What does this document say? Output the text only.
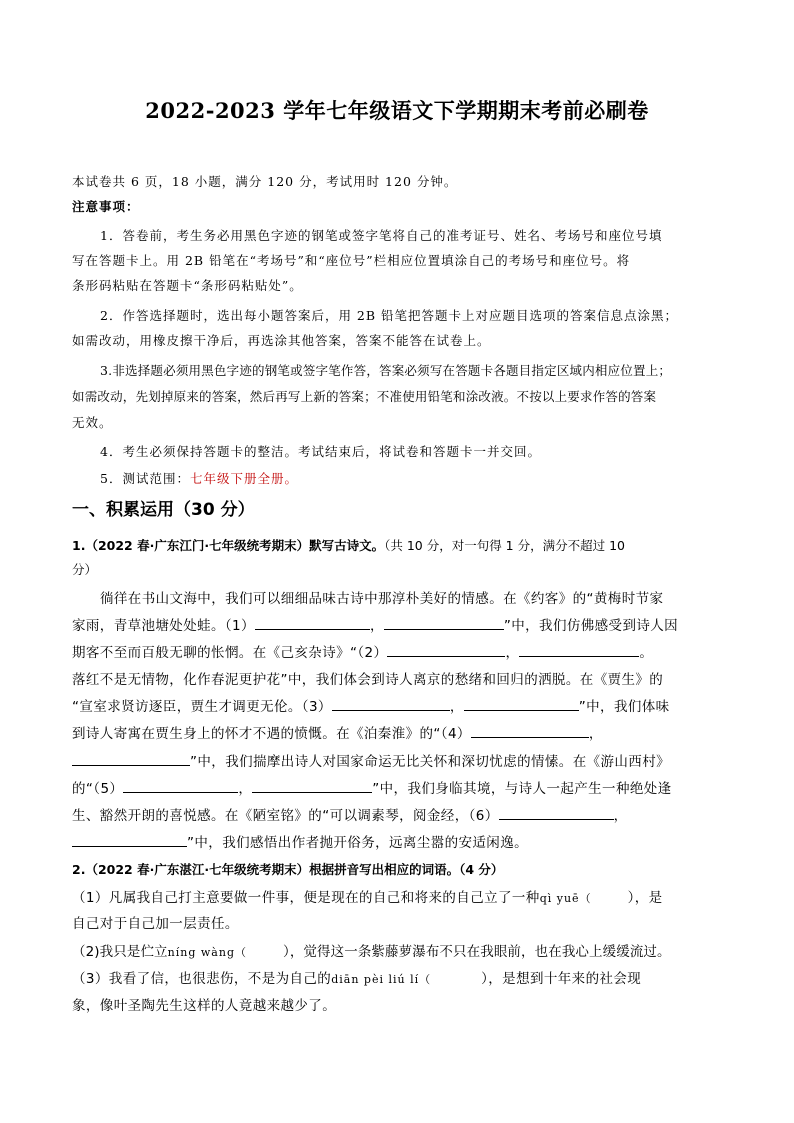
2022-2023 学年七年级语文下学期期末考前必刷卷
本试卷共 6 页，18 小题，满分 120 分，考试用时 120 分钟。
注意事项：
1．答卷前，考生务必用黑色字迹的钢笔或签字笔将自己的准考证号、姓名、考场号和座位号填
写在答题卡上。用 2B 铅笔在“考场号”和“座位号”栏相应位置填涂自己的考场号和座位号。将
条形码粘贴在答题卡“条形码粘贴处”。
2．作答选择题时，选出每小题答案后，用 2B 铅笔把答题卡上对应题目选项的答案信息点涂黑；
如需改动，用橡皮擦干净后，再选涂其他答案，答案不能答在试卷上。
3.非选择题必须用黑色字迹的钢笔或签字笔作答，答案必须写在答题卡各题目指定区域内相应位置上；
如需改动，先划掉原来的答案，然后再写上新的答案；不准使用铅笔和涂改液。不按以上要求作答的答案
无效。
4．考生必须保持答题卡的整洁。考试结束后，将试卷和答题卡一并交回。
5．测试范围：七年级下册全册。
一、积累运用（30 分）
1.（2022 春·广东江门·七年级统考期末）默写古诗文。（共 10 分，对一句得 1 分，满分不超过 10
分）
徜徉在书山文海中，我们可以细细品味古诗中那淳朴美好的情感。在《约客》的“黄梅时节家
家雨，青草池塘处处蛙。（1）	，	”中，我们仿佛感受到诗人因
期客不至而百般无聊的怅惘。在《己亥杂诗》“（2）	，	。
落红不是无情物，化作春泥更护花”中，我们体会到诗人离京的愁绪和回归的洒脱。在《贾生》的
“宣室求贤访逐臣，贾生才调更无伦。（3）	，	”中，我们体味
到诗人寄寓在贾生身上的怀才不遇的愤慨。在《泊秦淮》的“（4）	，
”中，我们揣摩出诗人对国家命运无比关怀和深切忧虑的情愫。在《游山西村》
的“（5）	，	”中，我们身临其境，与诗人一起产生一种绝处逢
生、豁然开朗的喜悦感。在《陋室铭》的“可以调素琴，阅金经，（6）	，
”中，我们感悟出作者抛开俗务，远离尘嚣的安适闲逸。
2.（2022 春·广东湛江·七年级统考期末）根据拼音写出相应的词语。（4 分）
（1）凡属我自己打主意要做一件事，便是现在的自己和将来的自己立了一种qì yuē（	），是
自己对于自己加一层责任。
（2)我只是伫立níng wàng（	），觉得这一条紫藤萝瀑布不只在我眼前，也在我心上缓缓流过。
（3）我看了信，也很悲伤，不是为自己的diān pèi liú lí（	），是想到十年来的社会现
象，像叶圣陶先生这样的人竟越来越少了。
